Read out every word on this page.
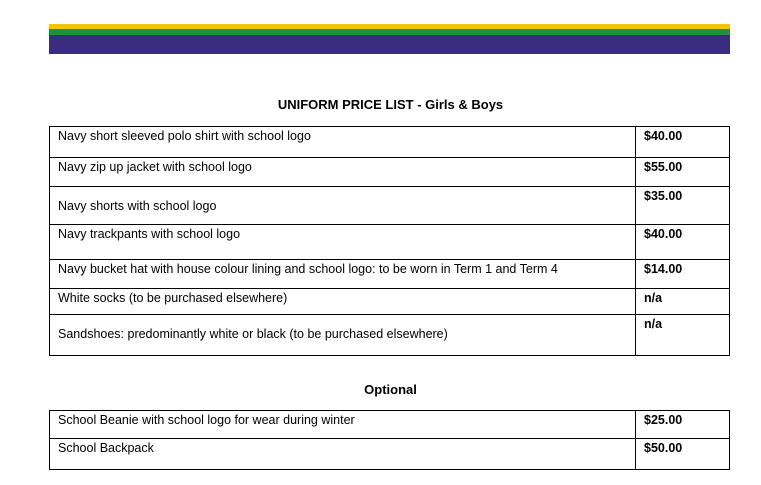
UNIFORM PRICE LIST - Girls & Boys
Navy short sleeved polo shirt with school logo	$40.00
Navy zip up jacket with school logo	$55.00
Navy shorts with school logo	$35.00
Navy trackpants with school logo	$40.00
Navy bucket hat with house colour lining and school logo: to be worn in Term 1 and Term 4	$14.00
White socks (to be purchased elsewhere)	n/a
Sandshoes: predominantly white or black (to be purchased elsewhere)	n/a
Optional
School Beanie with school logo for wear during winter	$25.00
School Backpack	$50.00
